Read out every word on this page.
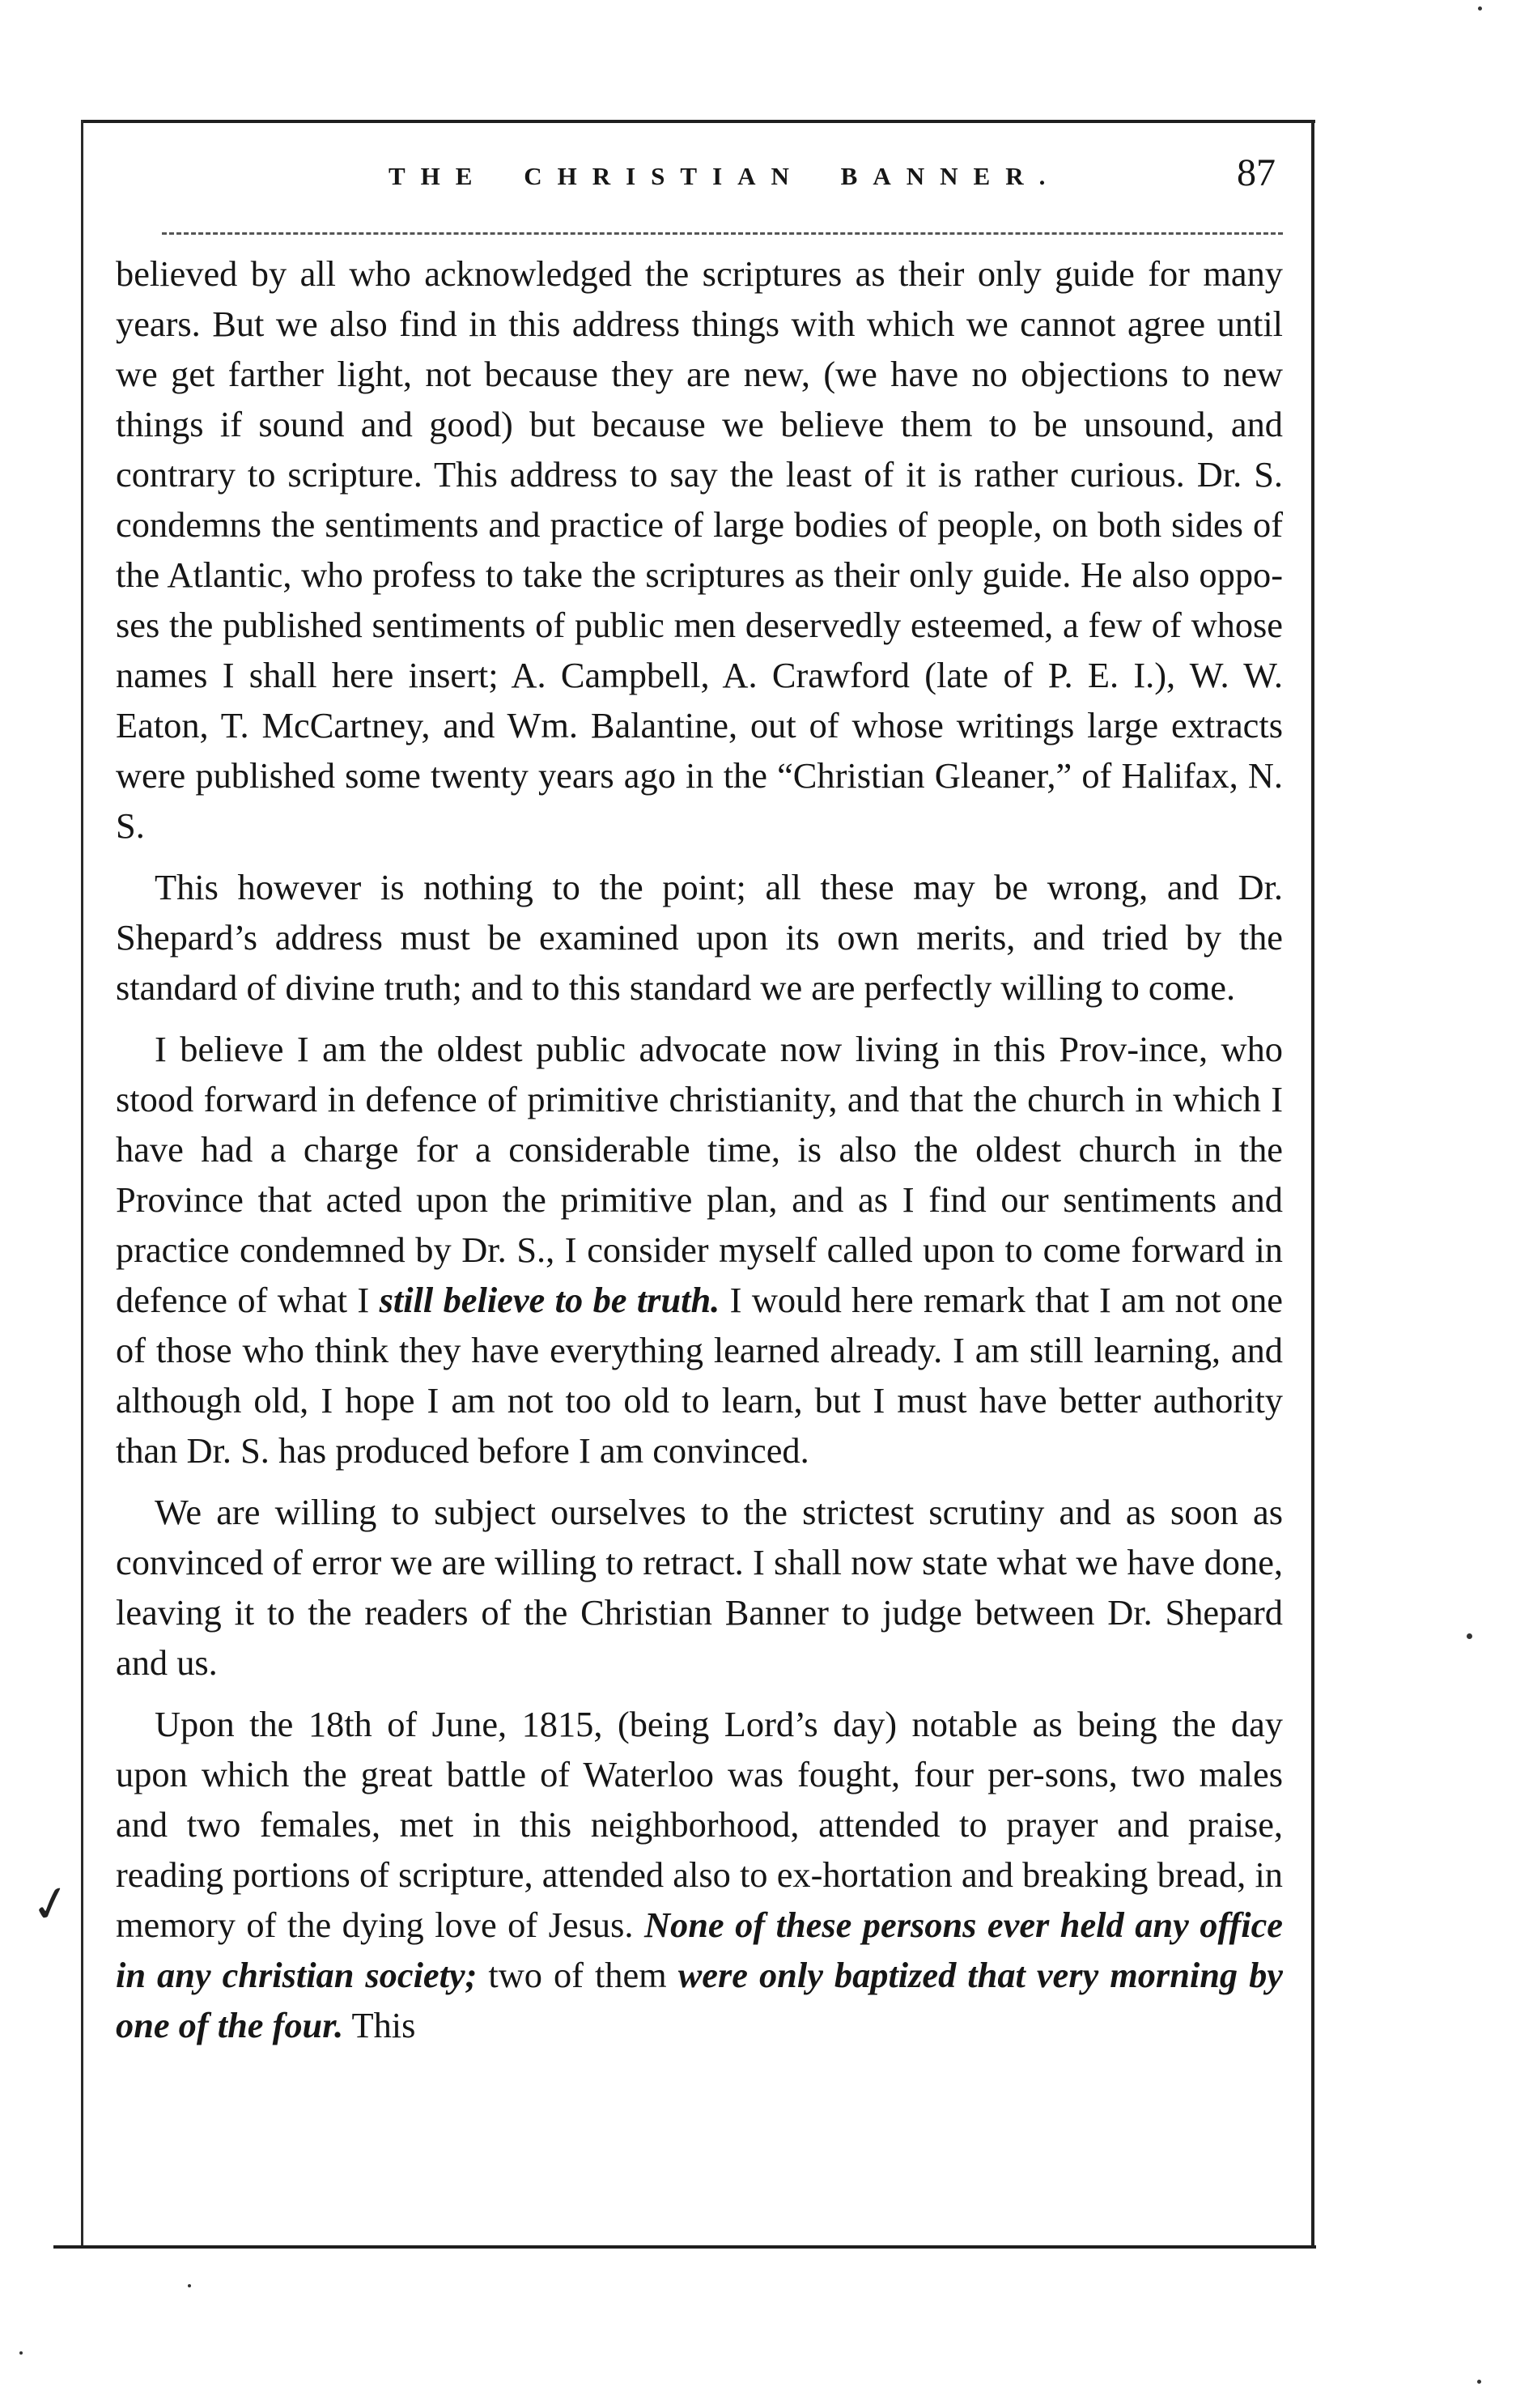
THE CHRISTIAN BANNER.	87
✓

believed by all who acknowledged the scriptures as their only guide for many years. But we also find in this address things with which we cannot agree until we get farther light, not because they are new, (we have no objections to new things if sound and good) but because we believe them to be unsound, and contrary to scripture. This address to say the least of it is rather curious. Dr. S. condemns the sentiments and practice of large bodies of people, on both sides of the Atlantic, who profess to take the scriptures as their only guide. He also oppo-ses the published sentiments of public men deservedly esteemed, a few of whose names I shall here insert; A. Campbell, A. Crawford (late of P. E. I.), W. W. Eaton, T. McCartney, and Wm. Balantine, out of whose writings large extracts were published some twenty years ago in the “Christian Gleaner,” of Halifax, N. S.

This however is nothing to the point; all these may be wrong, and Dr. Shepard’s address must be examined upon its own merits, and tried by the standard of divine truth; and to this standard we are perfectly willing to come.

I believe I am the oldest public advocate now living in this Prov-ince, who stood forward in defence of primitive christianity, and that the church in which I have had a charge for a considerable time, is also the oldest church in the Province that acted upon the primitive plan, and as I find our sentiments and practice condemned by Dr. S., I consider myself called upon to come forward in defence of what I still believe to be truth. I would here remark that I am not one of those who think they have everything learned already. I am still learning, and although old, I hope I am not too old to learn, but I must have better authority than Dr. S. has produced before I am convinced.

We are willing to subject ourselves to the strictest scrutiny and as soon as convinced of error we are willing to retract. I shall now state what we have done, leaving it to the readers of the Christian Banner to judge between Dr. Shepard and us.

Upon the 18th of June, 1815, (being Lord’s day) notable as being the day upon which the great battle of Waterloo was fought, four per-sons, two males and two females, met in this neighborhood, attended to prayer and praise, reading portions of scripture, attended also to ex-hortation and breaking bread, in memory of the dying love of Jesus. None of these persons ever held any office in any christian society; two of them were only baptized that very morning by one of the four. This
